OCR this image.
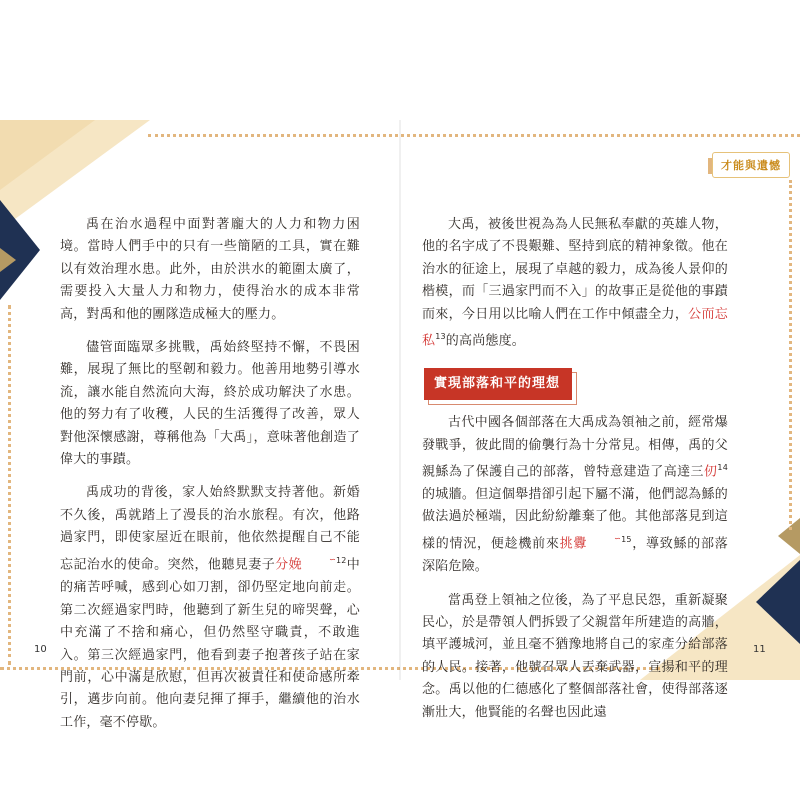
才能與遺憾

禹在治水過程中面對著龐大的人力和物力困境。當時人們手中的只有一些簡陋的工具，實在難以有效治理水患。此外，由於洪水的範圍太廣了，需要投入大量人力和物力，使得治水的成本非常高，對禹和他的團隊造成極大的壓力。

儘管面臨眾多挑戰，禹始終堅持不懈，不畏困難，展現了無比的堅韌和毅力。他善用地勢引導水流，讓水能自然流向大海，終於成功解決了水患。他的努力有了收穫，人民的生活獲得了改善，眾人對他深懷感謝，尊稱他為「大禹」，意味著他創造了偉大的事蹟。

禹成功的背後，家人始終默默支持著他。新婚不久後，禹就踏上了漫長的治水旅程。有次，他路過家門，即使家屋近在眼前，他依然提醒自己不能忘記治水的使命。突然，他聽見妻子分娩	∽$^{12}$中的痛苦呼喊，感到心如刀割，卻仍堅定地向前走。第二次經過家門時，他聽到了新生兒的啼哭聲，心中充滿了不捨和痛心，但仍然堅守職責，不敢進入。第三次經過家門，他看到妻子抱著孩子站在家門前，心中滿是欣慰，但再次被責任和使命感所牽引，邁步向前。他向妻兒揮了揮手，繼續他的治水工作，毫不停歇。

10

大禹，被後世視為為人民無私奉獻的英雄人物，他的名字成了不畏艱難、堅持到底的精神象徵。他在治水的征途上，展現了卓越的毅力，成為後人景仰的楷模，而「三過家門而不入」的故事正是從他的事蹟而來，今日用以比喻人們在工作中傾盡全力，公而忘私$^{13}$的高尚態度。

實現部落和平的理想

古代中國各個部落在大禹成為領袖之前，經常爆發戰爭，彼此間的偷襲行為十分常見。相傳，禹的父親鯀為了保護自己的部落，曾特意建造了高達三仞$^{14}$的城牆。但這個舉措卻引起下屬不滿，他們認為鯀的做法過於極端，因此紛紛離棄了他。其他部落見到這樣的情況，便趁機前來挑釁	∽$^{15}$，導致鯀的部落深陷危險。

當禹登上領袖之位後，為了平息民怨，重新凝聚民心，於是帶領人們拆毀了父親當年所建造的高牆，填平護城河，並且毫不猶豫地將自己的家產分給部落的人民。接著，他號召眾人丟棄武器，宣揚和平的理念。禹以他的仁德感化了整個部落社會，使得部落逐漸壯大，他賢能的名聲也因此遠

11
